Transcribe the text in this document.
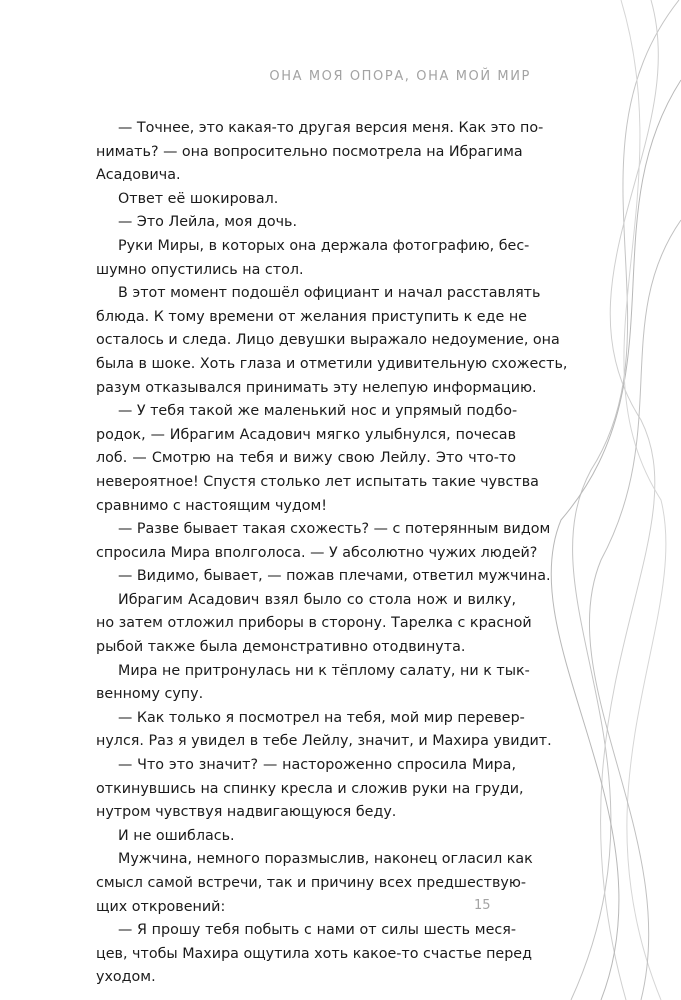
ОНА МОЯ ОПОРА, ОНА МОЙ МИР
— Точнее, это какая-то другая версия меня. Как это по-
нимать? — она вопросительно посмотрела на Ибрагима
Асадовича.
Ответ её шокировал.
— Это Лейла, моя дочь.
Руки Миры, в которых она держала фотографию, бес-
шумно опустились на стол.
В этот момент подошёл официант и начал расставлять
блюда. К тому времени от желания приступить к еде не
осталось и следа. Лицо девушки выражало недоумение, она
была в шоке. Хоть глаза и отметили удивительную схожесть,
разум отказывался принимать эту нелепую информацию.
— У тебя такой же маленький нос и упрямый подбо-
родок, — Ибрагим Асадович мягко улыбнулся, почесав
лоб. — Смотрю на тебя и вижу свою Лейлу. Это что-то
невероятное! Спустя столько лет испытать такие чувства
сравнимо с настоящим чудом!
— Разве бывает такая схожесть? — с потерянным видом
спросила Мира вполголоса. — У абсолютно чужих людей?
— Видимо, бывает, — пожав плечами, ответил мужчина.
Ибрагим Асадович взял было со стола нож и вилку,
но затем отложил приборы в сторону. Тарелка с красной
рыбой также была демонстративно отодвинута.
Мира не притронулась ни к тёплому салату, ни к тык-
венному супу.
— Как только я посмотрел на тебя, мой мир перевер-
нулся. Раз я увидел в тебе Лейлу, значит, и Махира увидит.
— Что это значит? — настороженно спросила Мира,
откинувшись на спинку кресла и сложив руки на груди,
нутром чувствуя надвигающуюся беду.
И не ошиблась.
Мужчина, немного поразмыслив, наконец огласил как
смысл самой встречи, так и причину всех предшествую-
щих откровений:
— Я прошу тебя побыть с нами от силы шесть меся-
цев, чтобы Махира ощутила хоть какое-то счастье перед
уходом.
15
